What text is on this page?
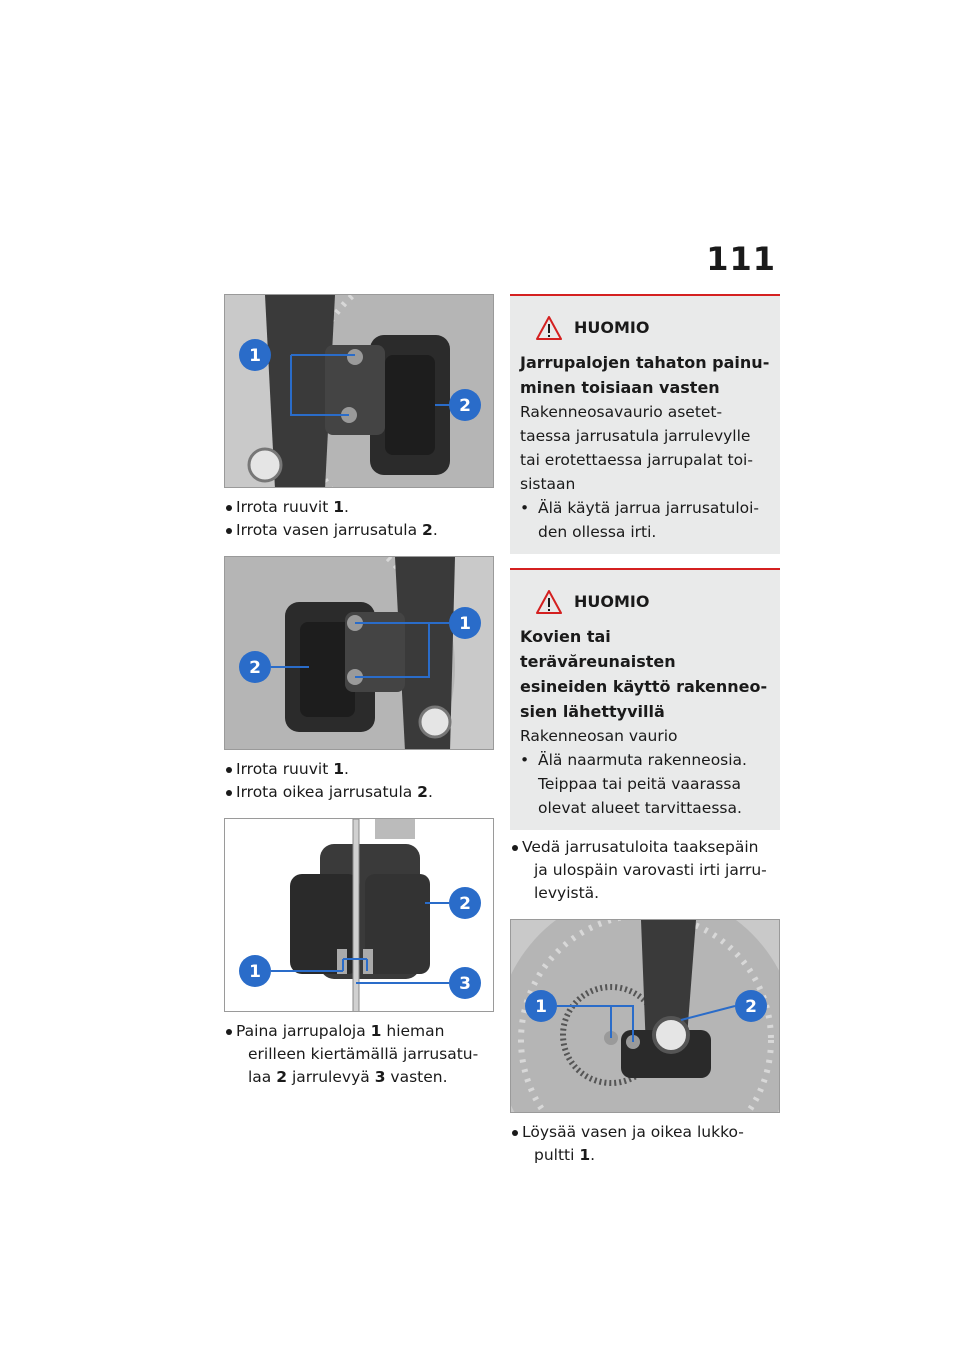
111
1
2
Irrota ruuvit 1.
Irrota vasen jarrusatula 2.
2
1
Irrota ruuvit 1.
Irrota oikea jarrusatula 2.
2
1
3
Paina jarrupaloja 1 hieman
erilleen kiertämällä jarrusatu-
laa 2 jarrulevyä 3 vasten.
HUOMIO
Jarrupalojen tahaton painu-
minen toisiaan vasten
Rakenneosavaurio asetet-
taessa jarrusatula jarrulevylle
tai erotettaessa jarrupalat toi-
sistaan
• Älä käytä jarrua jarrusatuloi-
den ollessa irti.
HUOMIO
Kovien tai terävăreunaisten
esineiden käyttö rakenneo-
sien lähettyvillä
Rakenneosan vaurio
• Älä naarmuta rakenneosia.
Teippaa tai peitä vaarassa
olevat alueet tarvittaessa.
Vedä jarrusatuloita taaksepäin
ja ulospäin varovasti irti jarru-
levyistä.
1	2
Löysää vasen ja oikea lukko-
pultti 1.
